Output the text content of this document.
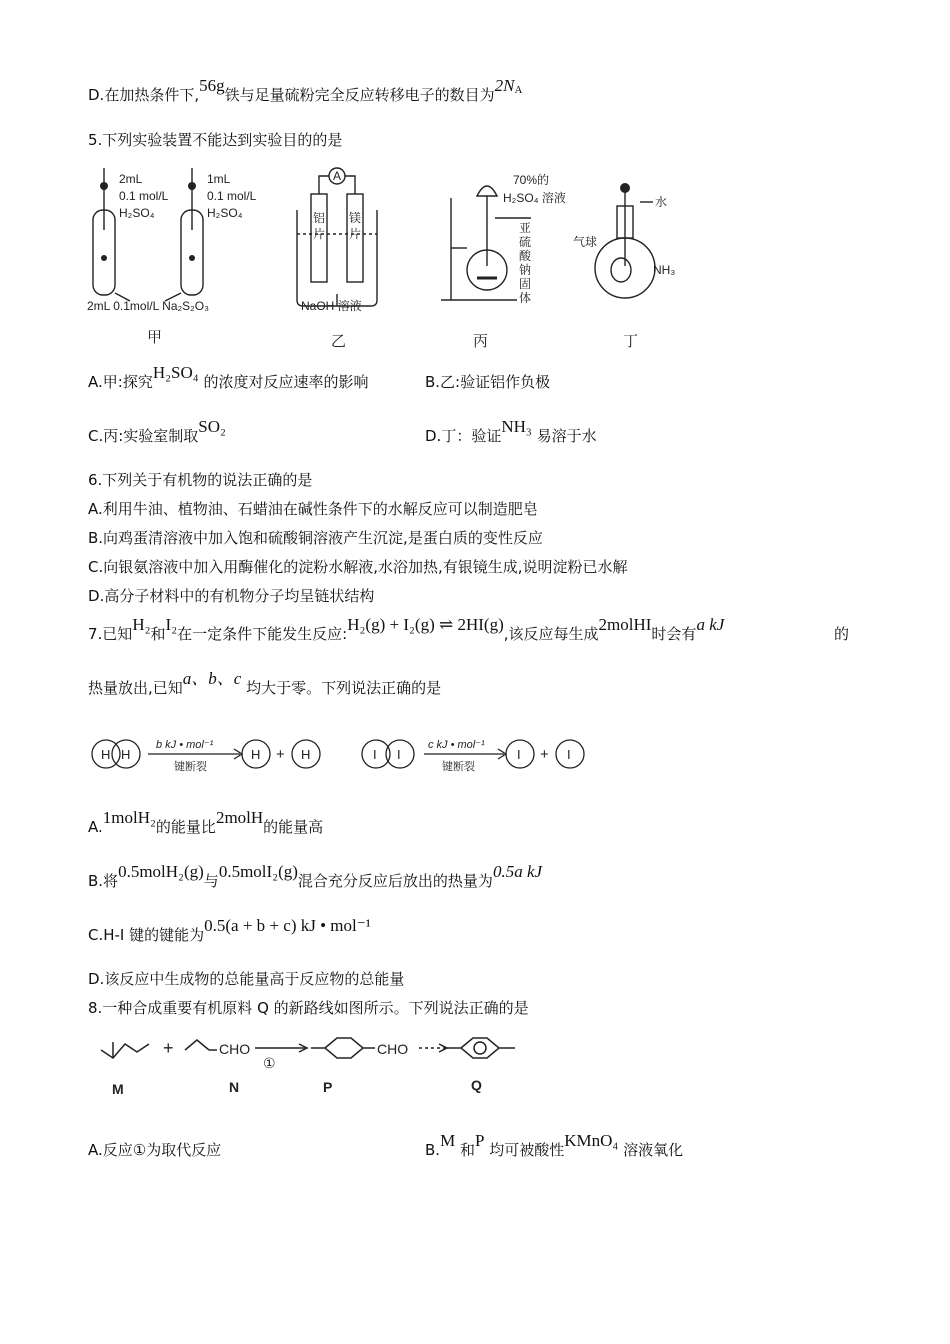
D.在加热条件下,56g铁与足量硫粉完全反应转移电子的数目为2NA
5.下列实验装置不能达到实验目的的是
2mL
0.1 mol/L
H₂SO₄
1mL
0.1 mol/L
H₂SO₄
2mL 0.1mol/L Na₂S₂O₃
A
铝
片
镁
片
NaOH 溶液
70%的
H₂SO₄ 溶液
亚
硫
酸
钠
固
体
水
气球
NH₃
甲	乙	丙	丁
A.甲:探究H₂SO₄ 的浓度对反应速率的影响	B.乙:验证铝作负极
C.丙:实验室制取SO₂	D.丁：验证NH₃ 易溶于水
6.下列关于有机物的说法正确的是
A.利用牛油、植物油、石蜡油在碱性条件下的水解反应可以制造肥皂
B.向鸡蛋清溶液中加入饱和硫酸铜溶液产生沉淀,是蛋白质的变性反应
C.向银氨溶液中加入用酶催化的淀粉水解液,水浴加热,有银镜生成,说明淀粉已水解
D.高分子材料中的有机物分子均呈链状结构
7.已知H₂和I₂在一定条件下能发生反应:H₂(g) + I₂(g) ⇌ 2HI(g),该反应每生成2molHI时会有a kJ	的
热量放出,已知a、b、c 均大于零。下列说法正确的是
H H
b kJ • mol⁻¹
键断裂
H + H	I I
c kJ • mol⁻¹
键断裂
I + I
A.1molH₂的能量比2molH的能量高
B.将0.5molH₂(g)与0.5molI₂(g)混合充分反应后放出的热量为0.5a kJ
C.H-I 键的键能为0.5(a + b + c) kJ • mol⁻¹
D.该反应中生成物的总能量高于反应物的总能量
8.一种合成重要有机原料 Q 的新路线如图所示。下列说法正确的是
+	CHO
①
CHO
M	N	P	Q
A.反应①为取代反应	B.M 和P 均可被酸性KMnO₄ 溶液氧化
